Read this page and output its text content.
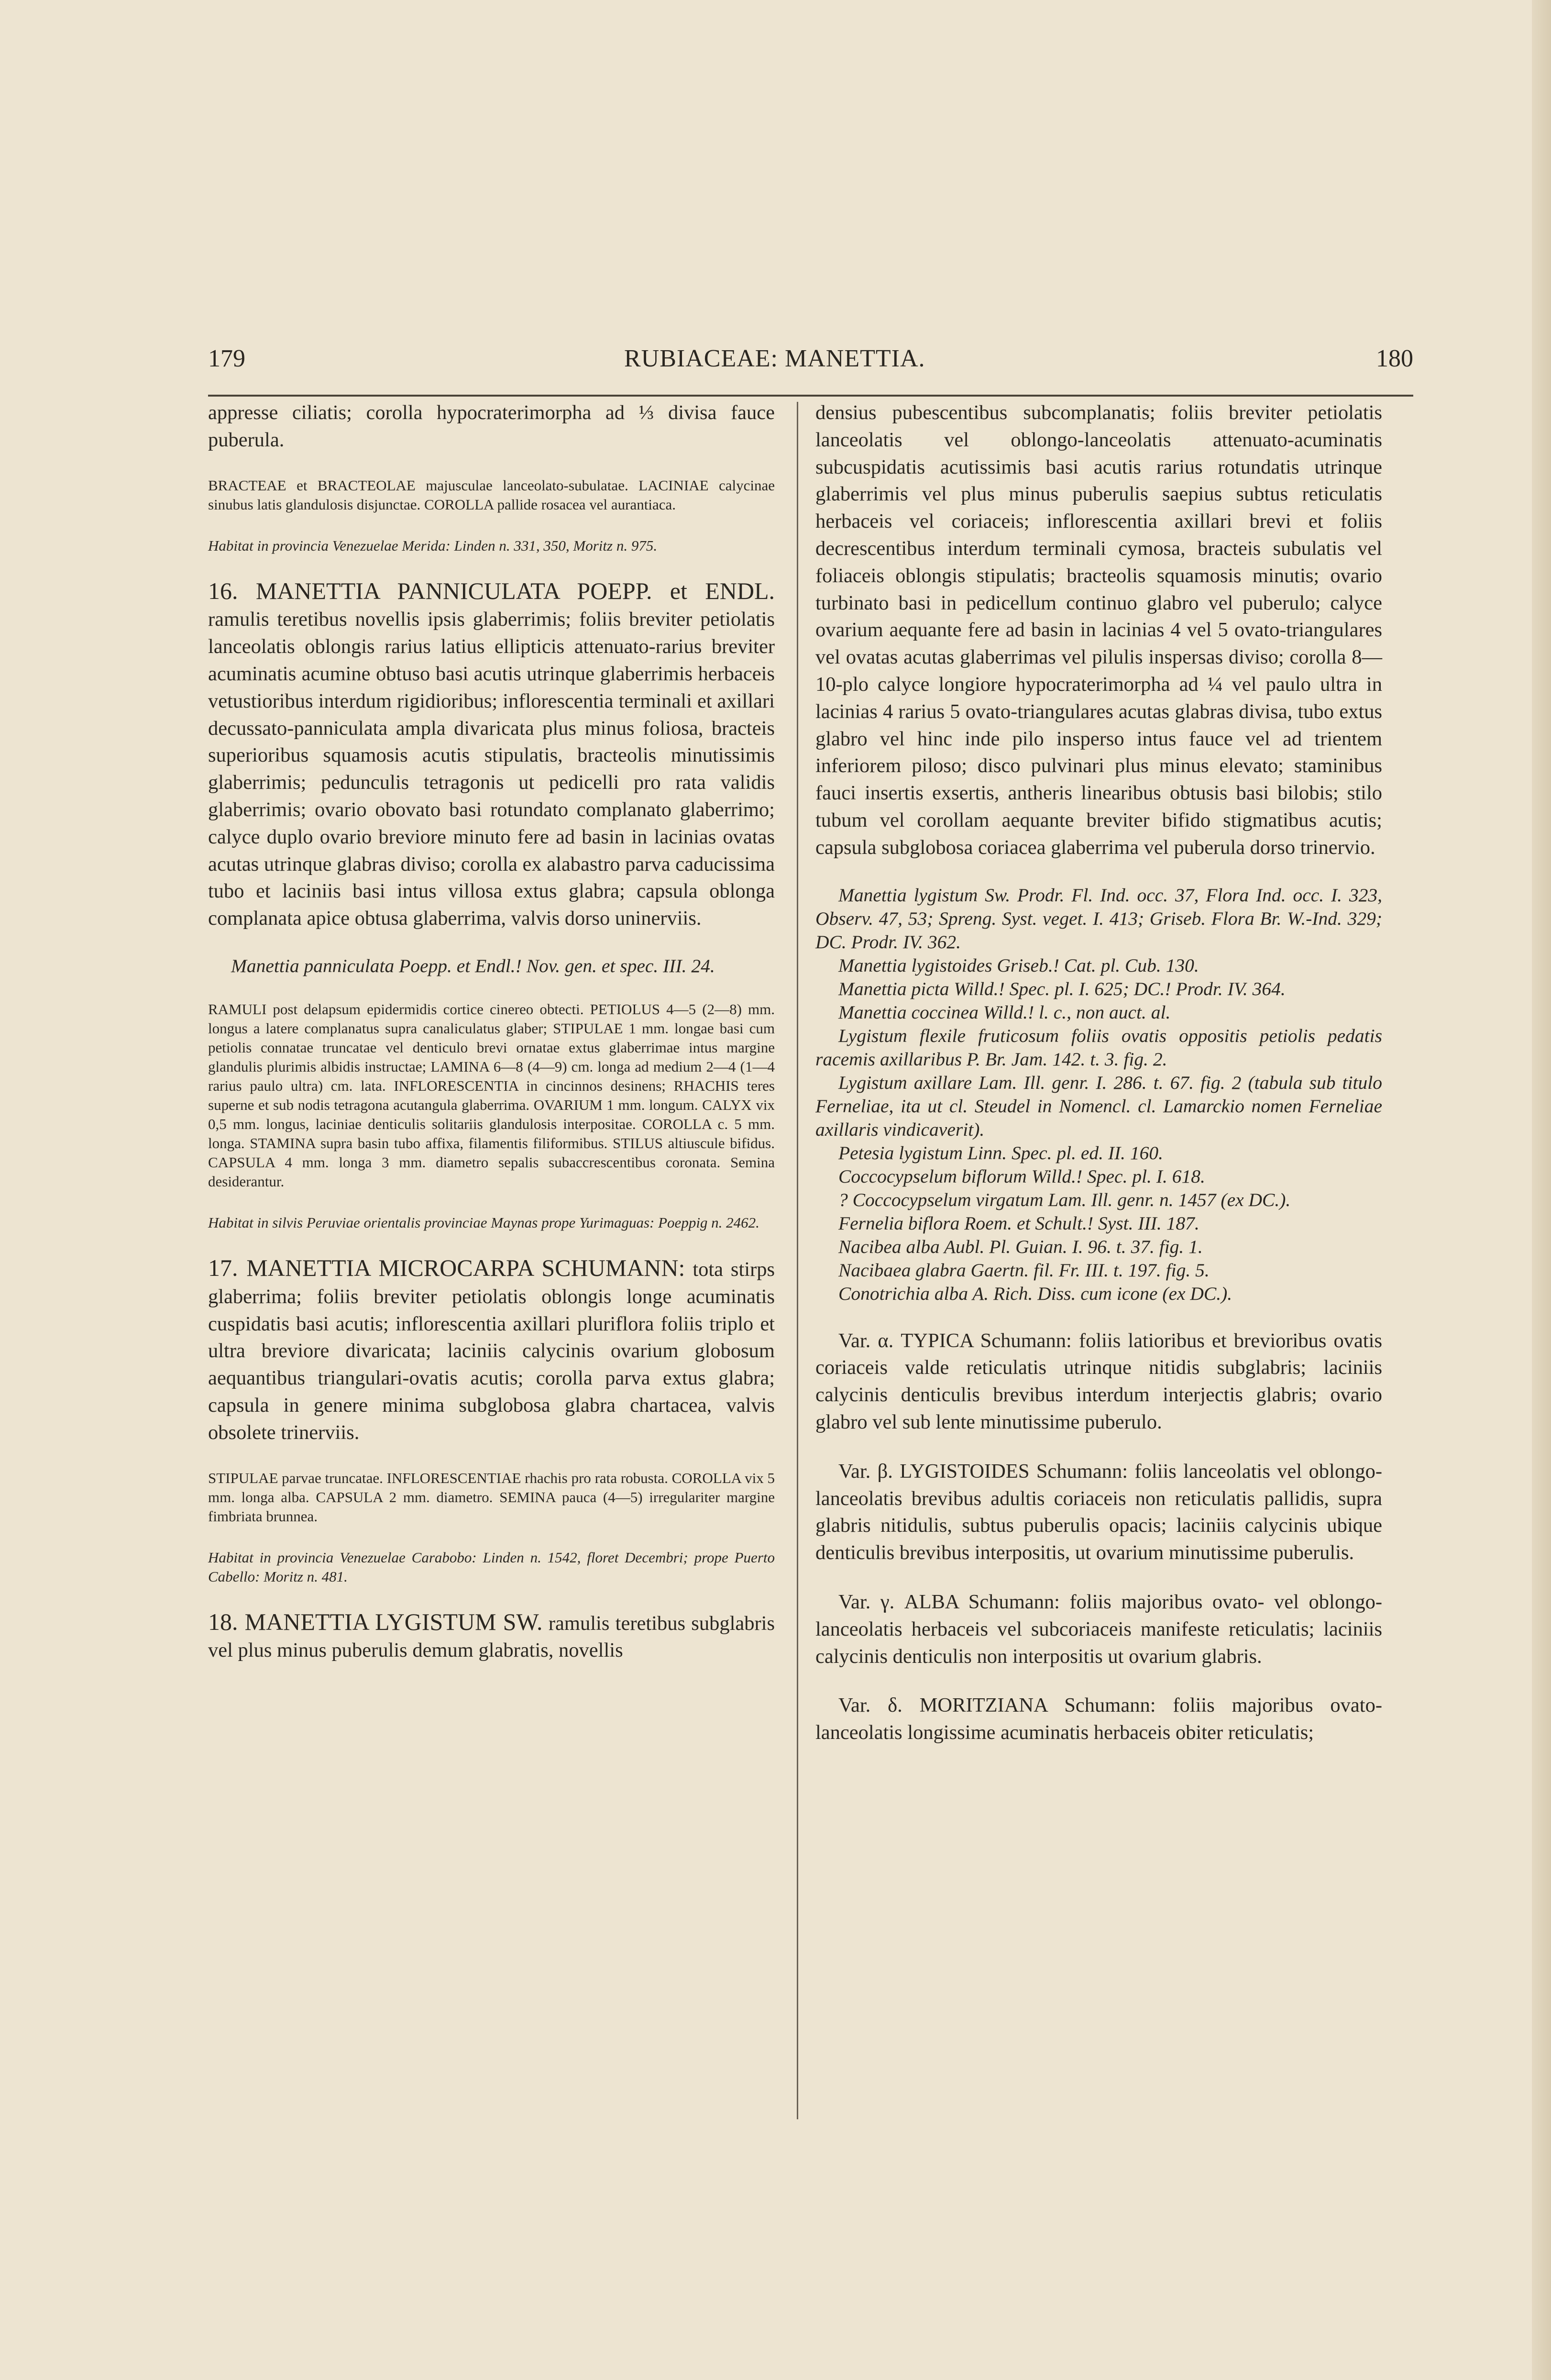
179	RUBIACEAE: MANETTIA.	180

appresse ciliatis; corolla hypocraterimorpha ad ⅓ divisa fauce puberula.

BRACTEAE et BRACTEOLAE majusculae lanceolato-subulatae. LACINIAE calycinae sinubus latis glandulosis disjunctae. COROLLA pallide rosacea vel aurantiaca.

Habitat in provincia Venezuelae Merida: Linden n. 331, 350, Moritz n. 975.

16. MANETTIA PANNICULATA POEPP. et ENDL. ramulis teretibus novellis ipsis glaberrimis; foliis breviter petiolatis lanceolatis oblongis rarius latius ellipticis attenuato-rarius breviter acuminatis acumine obtuso basi acutis utrinque glaberrimis herbaceis vetustioribus interdum rigidioribus; inflorescentia terminali et axillari decussato-panniculata ampla divaricata plus minus foliosa, bracteis superioribus squamosis acutis stipulatis, bracteolis minutissimis glaberrimis; pedunculis tetragonis ut pedicelli pro rata validis glaberrimis; ovario obovato basi rotundato complanato glaberrimo; calyce duplo ovario breviore minuto fere ad basin in lacinias ovatas acutas utrinque glabras diviso; corolla ex alabastro parva caducissima tubo et laciniis basi intus villosa extus glabra; capsula oblonga complanata apice obtusa glaberrima, valvis dorso uninerviis.

Manettia panniculata Poepp. et Endl.! Nov. gen. et spec. III. 24.

RAMULI post delapsum epidermidis cortice cinereo obtecti. PETIOLUS 4—5 (2—8) mm. longus a latere complanatus supra canaliculatus glaber; STIPULAE 1 mm. longae basi cum petiolis connatae truncatae vel denticulo brevi ornatae extus glaberrimae intus margine glandulis plurimis albidis instructae; LAMINA 6—8 (4—9) cm. longa ad medium 2—4 (1—4 rarius paulo ultra) cm. lata. INFLORESCENTIA in cincinnos desinens; RHACHIS teres superne et sub nodis tetragona acutangula glaberrima. OVARIUM 1 mm. longum. CALYX vix 0,5 mm. longus, laciniae denticulis solitariis glandulosis interpositae. COROLLA c. 5 mm. longa. STAMINA supra basin tubo affixa, filamentis filiformibus. STILUS altiuscule bifidus. CAPSULA 4 mm. longa 3 mm. diametro sepalis subaccrescentibus coronata. Semina desiderantur.

Habitat in silvis Peruviae orientalis provinciae Maynas prope Yurimaguas: Poeppig n. 2462.

17. MANETTIA MICROCARPA SCHUMANN: tota stirps glaberrima; foliis breviter petiolatis oblongis longe acuminatis cuspidatis basi acutis; inflorescentia axillari pluriflora foliis triplo et ultra breviore divaricata; laciniis calycinis ovarium globosum aequantibus triangulari-ovatis acutis; corolla parva extus glabra; capsula in genere minima subglobosa glabra chartacea, valvis obsolete trinerviis.

STIPULAE parvae truncatae. INFLORESCENTIAE rhachis pro rata robusta. COROLLA vix 5 mm. longa alba. CAPSULA 2 mm. diametro. SEMINA pauca (4—5) irregulariter margine fimbriata brunnea.

Habitat in provincia Venezuelae Carabobo: Linden n. 1542, floret Decembri; prope Puerto Cabello: Moritz n. 481.

18. MANETTIA LYGISTUM SW. ramulis teretibus subglabris vel plus minus puberulis demum glabratis, novellis

densius pubescentibus subcomplanatis; foliis breviter petiolatis lanceolatis vel oblongo-lanceolatis attenuato-acuminatis subcuspidatis acutissimis basi acutis rarius rotundatis utrinque glaberrimis vel plus minus puberulis saepius subtus reticulatis herbaceis vel coriaceis; inflorescentia axillari brevi et foliis decrescentibus interdum terminali cymosa, bracteis subulatis vel foliaceis oblongis stipulatis; bracteolis squamosis minutis; ovario turbinato basi in pedicellum continuo glabro vel puberulo; calyce ovarium aequante fere ad basin in lacinias 4 vel 5 ovato-triangulares vel ovatas acutas glaberrimas vel pilulis inspersas diviso; corolla 8—10-plo calyce longiore hypocraterimorpha ad ¼ vel paulo ultra in lacinias 4 rarius 5 ovato-triangulares acutas glabras divisa, tubo extus glabro vel hinc inde pilo insperso intus fauce vel ad trientem inferiorem piloso; disco pulvinari plus minus elevato; staminibus fauci insertis exsertis, antheris linearibus obtusis basi bilobis; stilo tubum vel corollam aequante breviter bifido stigmatibus acutis; capsula subglobosa coriacea glaberrima vel puberula dorso trinervio.

Manettia lygistum Sw. Prodr. Fl. Ind. occ. 37, Flora Ind. occ. I. 323, Observ. 47, 53; Spreng. Syst. veget. I. 413; Griseb. Flora Br. W.-Ind. 329; DC. Prodr. IV. 362.
Manettia lygistoides Griseb.! Cat. pl. Cub. 130.
Manettia picta Willd.! Spec. pl. I. 625; DC.! Prodr. IV. 364.
Manettia coccinea Willd.! l. c., non auct. al.
Lygistum flexile fruticosum foliis ovatis oppositis petiolis pedatis racemis axillaribus P. Br. Jam. 142. t. 3. fig. 2.
Lygistum axillare Lam. Ill. genr. I. 286. t. 67. fig. 2 (tabula sub titulo Ferneliae, ita ut cl. Steudel in Nomencl. cl. Lamarckio nomen Ferneliae axillaris vindicaverit).
Petesia lygistum Linn. Spec. pl. ed. II. 160.
Coccocypselum biflorum Willd.! Spec. pl. I. 618.
? Coccocypselum virgatum Lam. Ill. genr. n. 1457 (ex DC.).
Fernelia biflora Roem. et Schult.! Syst. III. 187.
Nacibea alba Aubl. Pl. Guian. I. 96. t. 37. fig. 1.
Nacibaea glabra Gaertn. fil. Fr. III. t. 197. fig. 5.
Conotrichia alba A. Rich. Diss. cum icone (ex DC.).

Var. α. TYPICA Schumann: foliis latioribus et brevioribus ovatis coriaceis valde reticulatis utrinque nitidis subglabris; laciniis calycinis denticulis brevibus interdum interjectis glabris; ovario glabro vel sub lente minutissime puberulo.

Var. β. LYGISTOIDES Schumann: foliis lanceolatis vel oblongo-lanceolatis brevibus adultis coriaceis non reticulatis pallidis, supra glabris nitidulis, subtus puberulis opacis; laciniis calycinis ubique denticulis brevibus interpositis, ut ovarium minutissime puberulis.

Var. γ. ALBA Schumann: foliis majoribus ovato- vel oblongo-lanceolatis herbaceis vel subcoriaceis manifeste reticulatis; laciniis calycinis denticulis non interpositis ut ovarium glabris.

Var. δ. MORITZIANA Schumann: foliis majoribus ovato-lanceolatis longissime acuminatis herbaceis obiter reticulatis;
